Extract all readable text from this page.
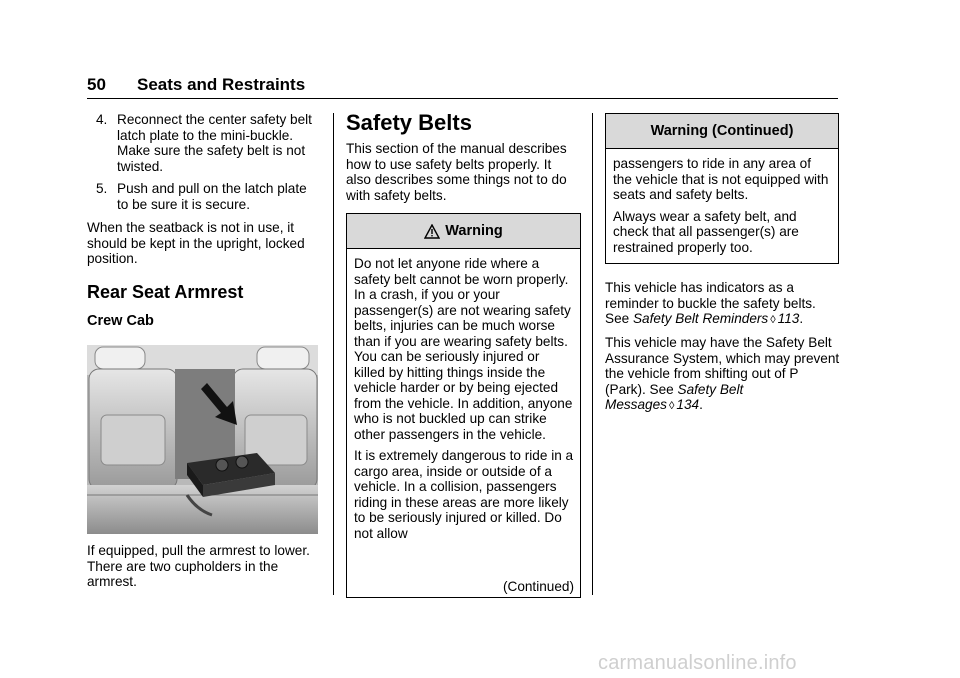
50 Seats and Restraints
4. Reconnect the center safety belt latch plate to the mini-buckle. Make sure the safety belt is not twisted.
5. Push and pull on the latch plate to be sure it is secure.
When the seatback is not in use, it should be kept in the upright, locked position.
Rear Seat Armrest
Crew Cab
If equipped, pull the armrest to lower. There are two cupholders in the armrest.
Safety Belts
This section of the manual describes how to use safety belts properly. It also describes some things not to do with safety belts.
Warning

Do not let anyone ride where a safety belt cannot be worn properly. In a crash, if you or your passenger(s) are not wearing safety belts, injuries can be much worse than if you are wearing safety belts. You can be seriously injured or killed by hitting things inside the vehicle harder or by being ejected from the vehicle. In addition, anyone who is not buckled up can strike other passengers in the vehicle.

It is extremely dangerous to ride in a cargo area, inside or outside of a vehicle. In a collision, passengers riding in these areas are more likely to be seriously injured or killed. Do not allow

(Continued)
Warning (Continued)

passengers to ride in any area of the vehicle that is not equipped with seats and safety belts.

Always wear a safety belt, and check that all passenger(s) are restrained properly too.

This vehicle has indicators as a reminder to buckle the safety belts. See Safety Belt Reminders ◊ 113.
This vehicle may have the Safety Belt Assurance System, which may prevent the vehicle from shifting out of P (Park). See Safety Belt Messages ◊ 134.
carmanualsonline.info
